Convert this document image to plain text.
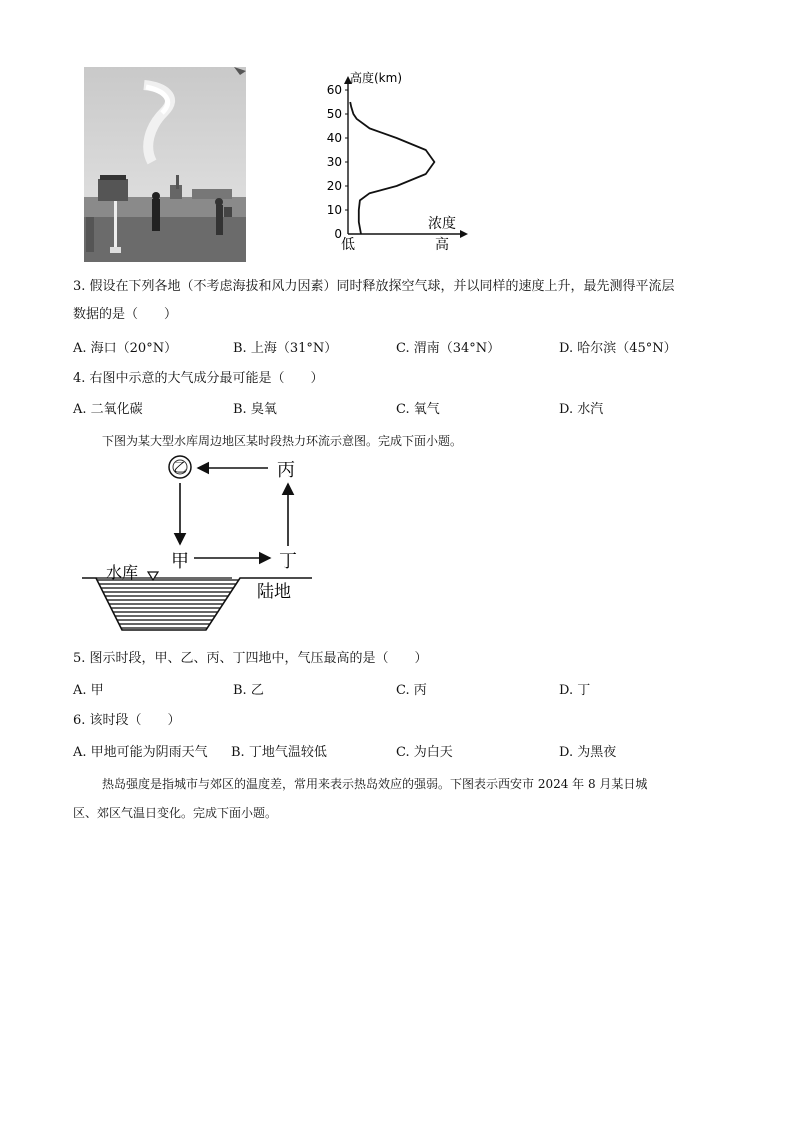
0
10
20
30
40
50
60
高度(km)
浓度
低	高
3. 假设在下列各地（不考虑海拔和风力因素）同时释放探空气球，并以同样的速度上升，最先测得平流层
数据的是（　　）
A. 海口（20°N）	B. 上海（31°N）	C. 渭南（34°N）	D. 哈尔滨（45°N）
4. 右图中示意的大气成分最可能是（　　）
A. 二氧化碳	B. 臭氧	C. 氧气	D. 水汽
下图为某大型水库周边地区某时段热力环流示意图。完成下面小题。
乙	丙
甲	丁
水库
陆地
5. 图示时段，甲、乙、丙、丁四地中，气压最高的是（　　）
A. 甲	B. 乙	C. 丙	D. 丁
6. 该时段（　　）
A. 甲地可能为阴雨天气 B. 丁地气温较低	C. 为白天	D. 为黑夜
热岛强度是指城市与郊区的温度差，常用来表示热岛效应的强弱。下图表示西安市 2024 年 8 月某日城
区、郊区气温日变化。完成下面小题。
